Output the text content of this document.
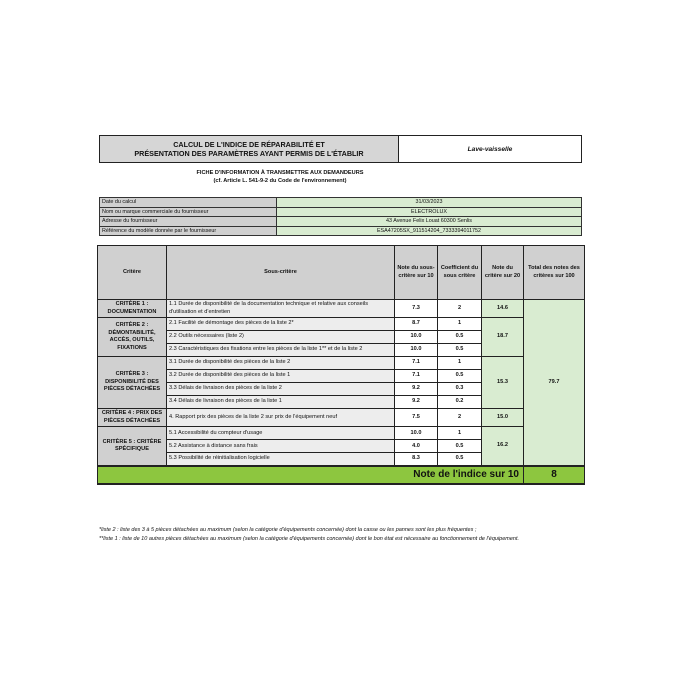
CALCUL DE L'INDICE DE RÉPARABILITÉ ET
PRÉSENTATION DES PARAMÈTRES AYANT PERMIS DE L'ÉTABLIR	Lave-vaisselle
FICHE D'INFORMATION À TRANSMETTRE AUX DEMANDEURS
(cf. Article L. 541-9-2 du Code de l'environnement)
Date du calcul	31/03/2023
Nom ou marque commerciale du fournisseur	ELECTROLUX
Adresse du fournisseur	43 Avenue Felix Louat 60300 Senlis
Référence du modèle donnée par le fournisseur	ESA47205SX_911514204_7333394011752
Critère	Sous-critère	Note du sous-critère sur 10	Coefficient du sous critère	Note du critère sur 20	Total des notes des critères sur 100
CRITÈRE 1 : DOCUMENTATION	1.1 Durée de disponibilité de la documentation technique et relative aux conseils d'utilisation et d'entretien	7.3	2	14.6	79.7
CRITÈRE 2 : DÉMONTABILITÉ, ACCÈS, OUTILS, FIXATIONS	2.1 Facilité de démontage des pièces de la liste 2*	8.7	1	18.7	
	2.2 Outils nécessaires (liste 2)	10.0	0.5		
	2.3 Caractéristiques des fixations entre les pièces de la liste 1** et de la liste 2	10.0	0.5		
CRITÈRE 3 : DISPONIBILITÉ DES PIÈCES DÉTACHÉES	3.1 Durée de disponibilité des pièces de la liste 2	7.1	1	15.3	
	3.2 Durée de disponibilité des pièces de la liste 1	7.1	0.5		
	3.3 Délais de livraison des pièces de la liste 2	9.2	0.3		
	3.4 Délais de livraison des pièces de la liste 1	9.2	0.2		
CRITÈRE 4 : PRIX DES PIÈCES DÉTACHÉES	4. Rapport prix des pièces de la liste 2 sur prix de l'équipement neuf	7.5	2	15.0	
CRITÈRE 5 : CRITÈRE SPÉCIFIQUE	5.1 Accessibilité du compteur d'usage	10.0	1	16.2	
	5.2 Assistance à distance sans frais	4.0	0.5		
	5.3 Possibilité de réinitialisation logicielle	8.3	0.5		
Note de l'indice sur 10					8
*liste 2 : liste des 3 à 5 pièces détachées au maximum (selon la catégorie d'équipements concernée) dont la casse ou les pannes sont les plus fréquentes ;
**liste 1 : liste de 10 autres pièces détachées au maximum (selon la catégorie d'équipements concernée) dont le bon état est nécessaire au fonctionnement de l'équipement.
